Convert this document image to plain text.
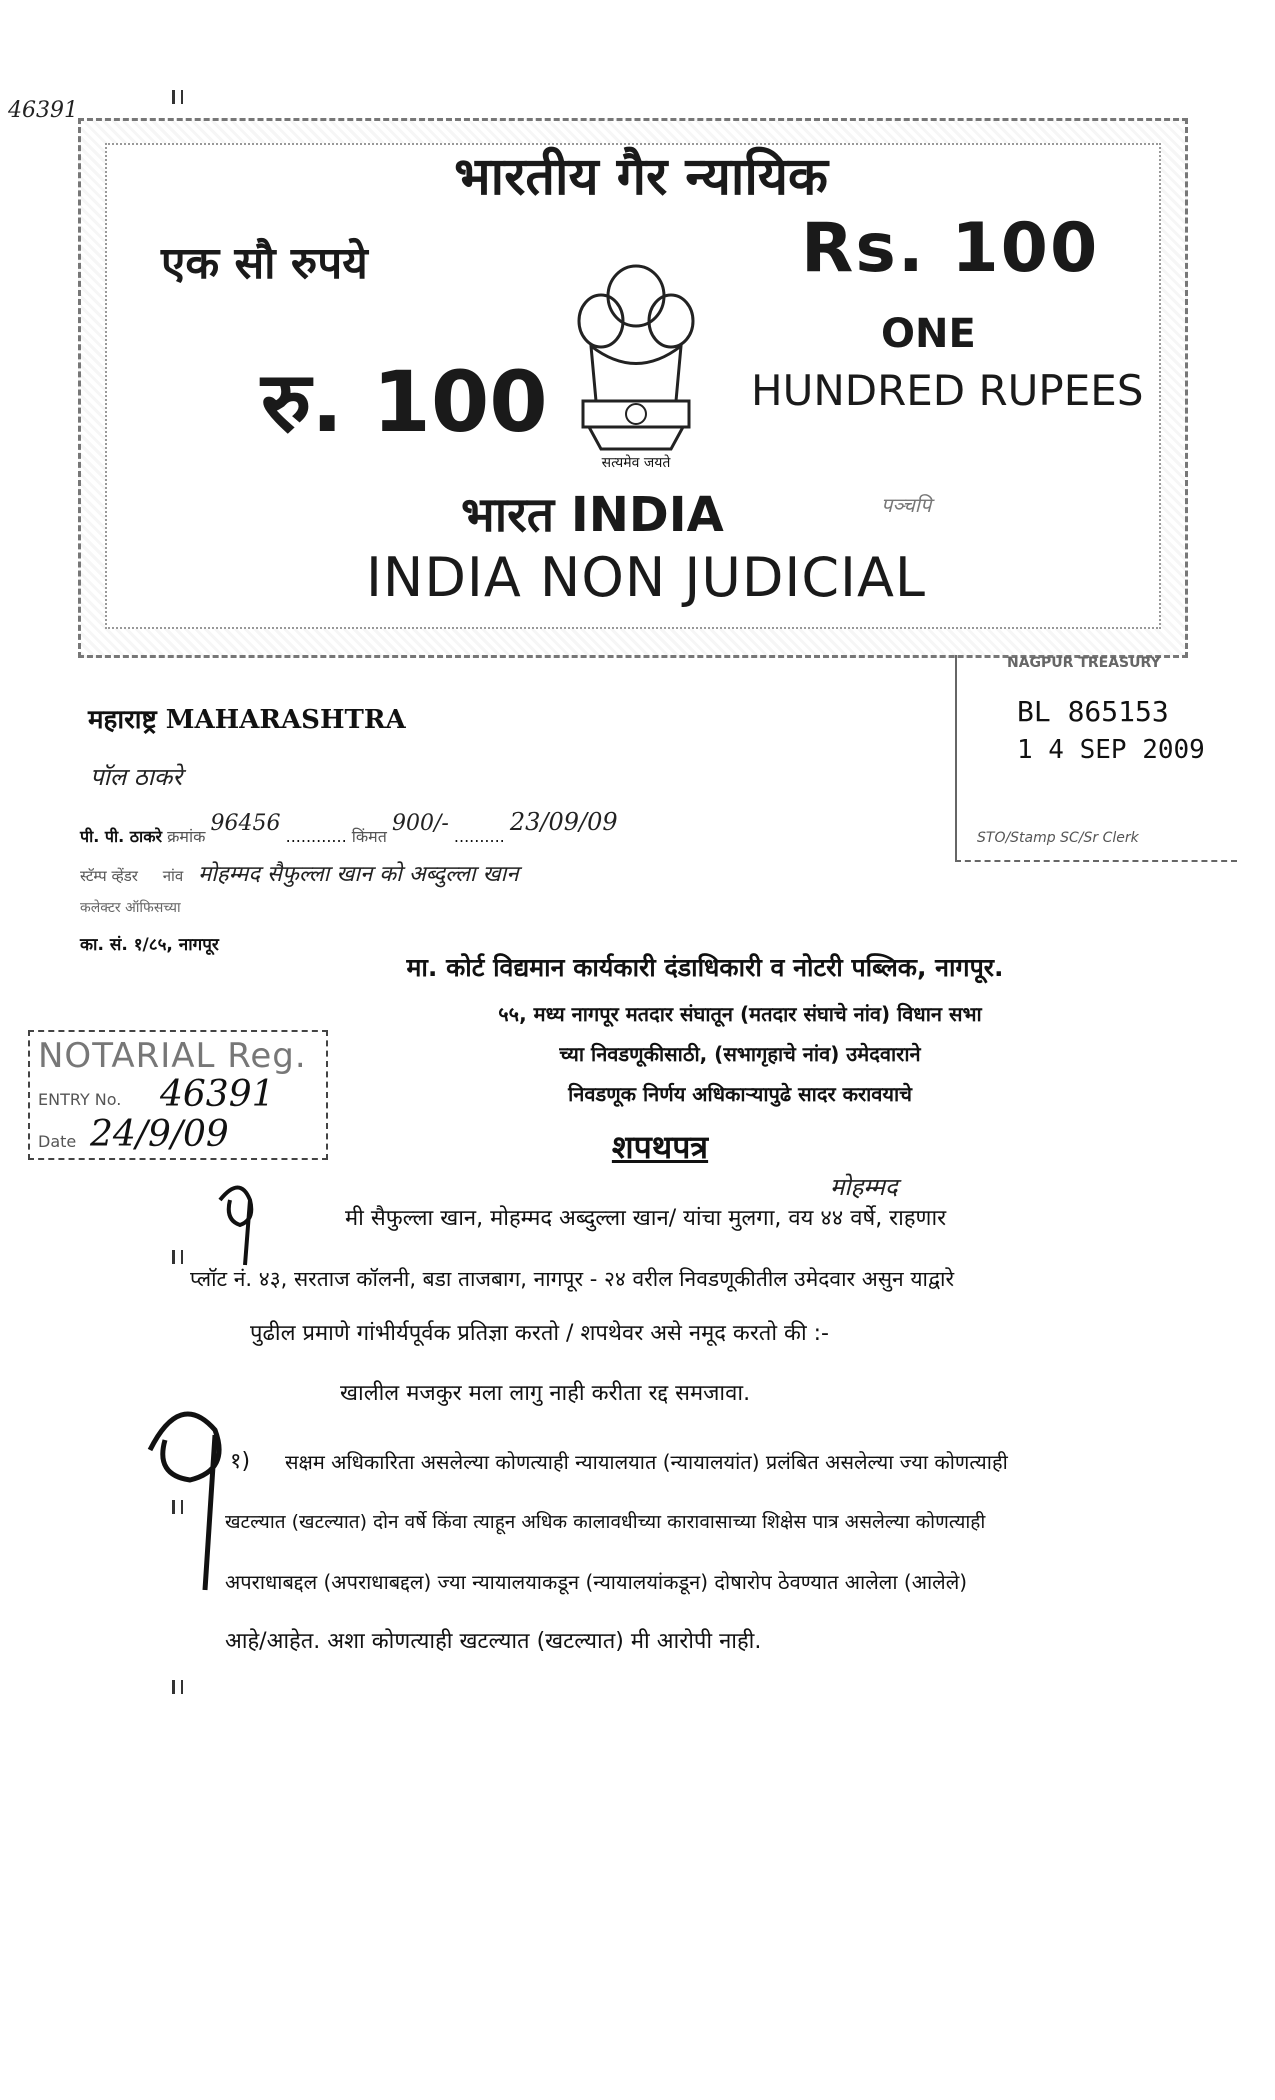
46391
भारतीय गैर न्यायिक
एक सौ रुपये	Rs. 100
रु. 100
सत्यमेव जयते
ONE
HUNDRED RUPEES
भारत INDIA	पञ्चपि
INDIA NON JUDICIAL
NAGPUR TREASURY
BL 865153
1 4 SEP 2009
STO/Stamp SC/Sr Clerk
महाराष्ट्र MAHARASHTRA
पॉल ठाकरे
पी. पी. ठाकरे क्रमांक 96456 ............ किंमत 900/- .......... 23/09/09
स्टॅम्प व्हेंडर नांव मोहम्मद सैफुल्ला खान को अब्दुल्ला खान
कलेक्टर ऑफिसच्या
का. सं. १/८५, नागपूर
मा. कोर्ट विद्यमान कार्यकारी दंडाधिकारी व नोटरी पब्लिक, नागपूर.
५५, मध्य नागपूर मतदार संघातून (मतदार संघाचे नांव) विधान सभा
च्या निवडणूकीसाठी, (सभागृहाचे नांव) उमेदवाराने
निवडणूक निर्णय अधिकाऱ्यापुढे सादर करावयाचे
NOTARIAL Reg.
ENTRY No. 46391
Date 24/9/09	शपथपत्र
मोहम्मद
मी सैफुल्ला खान, मोहम्मद अब्दुल्ला खान/ यांचा मुलगा, वय ४४ वर्षे, राहणार
प्लॉट नं. ४३, सरताज कॉलनी, बडा ताजबाग, नागपूर - २४ वरील निवडणूकीतील उमेदवार असुन याद्वारे
पुढील प्रमाणे गांभीर्यपूर्वक प्रतिज्ञा करतो / शपथेवर असे नमूद करतो की :-
खालील मजकुर मला लागु नाही करीता रद्द समजावा.
१) सक्षम अधिकारिता असलेल्या कोणत्याही न्यायालयात (न्यायालयांत) प्रलंबित असलेल्या ज्या कोणत्याही
खटल्यात (खटल्यात) दोन वर्षे किंवा त्याहून अधिक कालावधीच्या कारावासाच्या शिक्षेस पात्र असलेल्या कोणत्याही
अपराधाबद्दल (अपराधाबद्दल) ज्या न्यायालयाकडून (न्यायालयांकडून) दोषारोप ठेवण्यात आलेला (आलेले)
आहे/आहेत. अशा कोणत्याही खटल्यात (खटल्यात) मी आरोपी नाही.
